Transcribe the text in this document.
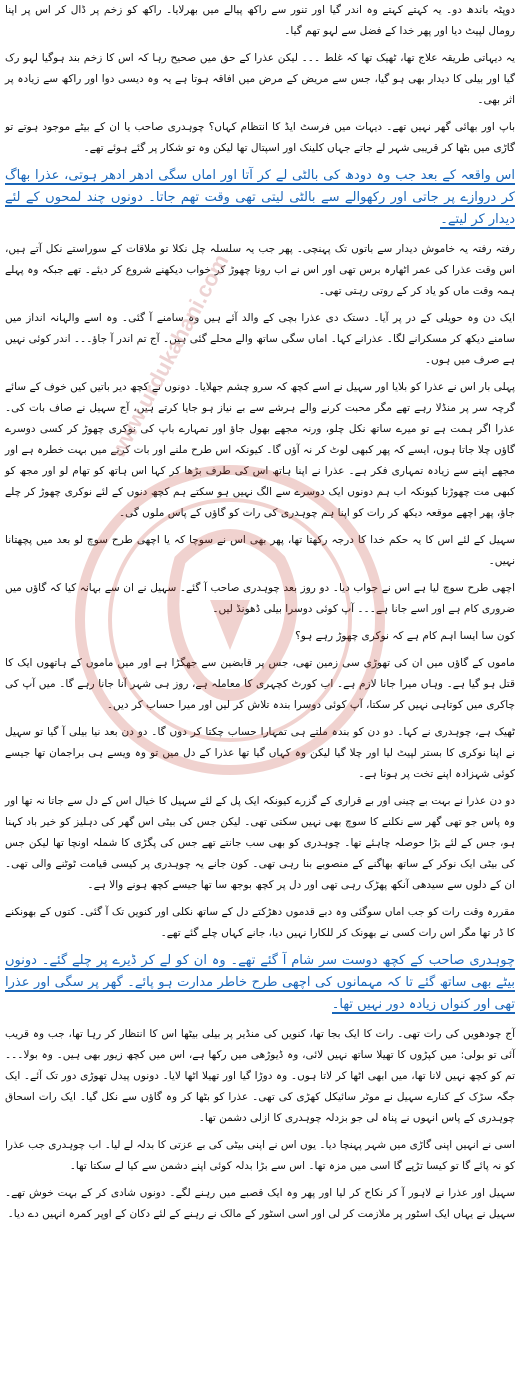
www.urdukahani.com

دوپٹہ باندھ دو۔ یہ کہتے کہتے وہ اندر گیا اور تنور سے راکھ پیالے میں بھرلایا۔ راکھ کو زخم پر ڈال کر اس پر اپنا رومال لپیٹ دیا اور پھر خدا کے فضل سے لہو تھم گیا۔

یہ دیہاتی طریقہ علاج تھا، ٹھیک تھا کہ غلط ۔۔۔ لیکن عذرا کے حق میں صحیح رہا کہ اس کا زخم بند ہوگیا لہو رک گیا اور بیلی کا دیدار بھی ہو گیا، جس سے مریض کے مرض میں افاقہ ہوتا ہے یہ وہ دیسی دوا اور راکھ سے زیادہ پر اثر بھی۔

باپ اور بھائی گھر نہیں تھے۔ دیہات میں فرسٹ ایڈ کا انتظام کہاں؟ چوہدری صاحب یا ان کے بیٹے موجود ہوتے تو گاڑی میں بٹھا کر قریبی شہر لے جاتے جہاں کلینک اور اسپتال تھا لیکن وہ تو شکار پر گئے ہوئے تھے۔

اس واقعہ کے بعد جب وہ دودھ کی بالٹی لے کر آتا اور اماں سگی ادھر ادھر ہوتی، عذرا بھاگ کر دروازے پر جاتی اور رکھوالے سے بالٹی لیتی تھی وقت تھم جاتا۔ دونوں چند لمحوں کے لئے دیدار کر لیتے۔

رفتہ رفتہ یہ خاموش دیدار سے باتوں تک پہنچی۔ پھر جب یہ سلسلہ چل نکلا تو ملاقات کے سوراستے نکل آتے ہیں، اس وقت عذرا کی عمر اٹھارہ برس تھی اور اس نے اب رونا چھوڑ کر خواب دیکھنے شروع کر دیئے۔ تھے جبکہ وہ پہلے ہمہ وقت ماں کو یاد کر کے روتی رہتی تھی۔

ایک دن وہ حویلی کے در پر آیا۔ دستک دی عذرا بچی کے والد آئے ہیں وہ سامنے آ گئی۔ وہ اسے والہانہ انداز میں سامنے دیکھ کر مسکرانے لگا۔ عذرانے کہا۔ اماں سگی ساتھ والے محلے گئی ہیں۔ آج تم اندر آ جاؤ۔۔۔ اندر کوئی نہیں ہے صرف میں ہوں۔

پہلی بار اس نے عذرا کو بلایا اور سہیل نے اسے کچھ کہ سرو چشم جھلایا۔ دونوں نے کچھ دیر باتیں کیں خوف کے سائے گرچہ سر پر منڈلا رہے تھے مگر محبت کرنے والے ہرشے سے بے نیاز ہو جایا کرتے ہیں، آج سہیل نے صاف بات کی۔ عذرا اگر ہمت ہے تو میرے ساتھ نکل چلو، ورنہ مجھے بھول جاؤ اور تمہارے باپ کی نوکری چھوڑ کر کسی دوسرے گاؤں چلا جاتا ہوں، ایسے کہ پھر کبھی لوٹ کر نہ آؤں گا۔ کیونکہ اس طرح ملنے اور بات کرنے میں بہت خطرہ ہے اور مجھے اپنے سے زیادہ تمہاری فکر ہے۔ عذرا نے اپنا ہاتھ اس کی طرف بڑھا کر کہا اس ہاتھ کو تھام لو اور مجھ کو کبھی مت چھوڑنا کیونکہ اب ہم دونوں ایک دوسرے سے الگ نہیں ہو سکتے ہم کچھ دنوں کے لئے نوکری چھوڑ کر چلے جاؤ، پھر اچھے موقعہ دیکھ کر رات کو اپنا ہم چوہدری کی رات کو گاؤں کے پاس ملوں گی۔

سہیل کے لئے اس کا یہ حکم خدا کا درجہ رکھتا تھا، پھر بھی اس نے سوچا کہ یا اچھی طرح سوچ لو بعد میں پچھتانا نہیں۔

اچھی طرح سوچ لیا ہے اس نے جواب دیا۔ دو روز بعد چوہدری صاحب آ گئے۔ سہیل نے ان سے بہانہ کیا کہ گاؤں میں ضروری کام ہے اور اسے جانا ہے۔۔۔ آپ کوئی دوسرا بیلی ڈھونڈ لیں۔

کون سا ایسا اہم کام ہے کہ نوکری چھوڑ رہے ہو؟

ماموں کے گاؤں میں ان کی تھوڑی سی زمین تھی، جس پر قابضین سے جھگڑا ہے اور میں ماموں کے ہاتھوں ایک کا قتل ہو گیا ہے۔ وہاں میرا جانا لازم ہے۔ اب کورٹ کچہری کا معاملہ ہے، روز ہی شہر آنا جانا رہے گا۔ میں آپ کی چاکری میں کوتاہی نہیں کر سکتا، آپ کوئی دوسرا بندہ تلاش کر لیں اور میرا حساب کر دیں۔

ٹھیک ہے، چوہدری نے کہا۔ دو دن کو بندہ ملتے ہی تمہارا حساب چکتا کر دوں گا۔ دو دن بعد نیا بیلی آ گیا تو سہیل نے اپنا نوکری کا بستر لپیٹ لیا اور چلا گیا لیکن وہ کہاں گیا تھا عذرا کے دل میں تو وہ ویسے ہی براجمان تھا جیسے کوئی شہزادہ اپنے تخت پر ہوتا ہے۔

دو دن عذرا نے بہت بے چینی اور بے قراری کے گزرے کیونکہ ایک پل کے لئے سہیل کا خیال اس کے دل سے جاتا نہ تھا اور وہ پاس جو تھی گھر سے نکلنے کا سوچ بھی نہیں سکتی تھی۔ لیکن جس کی بیٹی اس گھر کی دہلیز کو خیر باد کہنا ہو، جس کے لئے بڑا حوصلہ چاہئے تھا۔ چوہدری کو بھی سب جانتے تھے جس کی پگڑی کا شملہ اونچا تھا لیکن جس کی بیٹی ایک نوکر کے ساتھ بھاگنے کے منصوبے بنا رہی تھی۔ کون جانے یہ چوہدری پر کیسی قیامت ٹوٹنے والی تھی۔ ان کے دلوں سے سیدھی آنکھ پھڑک رہی تھی اور دل پر کچھ بوجھ سا تھا جیسے کچھ ہونے والا ہے۔

مقررہ وقت رات کو جب اماں سوگئی وہ دبے قدموں دھڑکتے دل کے ساتھ نکلی اور کنویں تک آ گئی۔ کتوں کے بھونکنے کا ڈر تھا مگر اس رات کسی نے بھونک کر للکارا نہیں دیا، جانے کہاں چلے گئے تھے۔

چوہدری صاحب کے کچھ دوست سر شام آ گئے تھے۔ وہ ان کو لے کر ڈیرے پر چلے گئے۔ دونوں بیٹے بھی ساتھ گئے تا کہ مہمانوں کی اچھی طرح خاطر مدارت ہو پائے۔ گھر پر سگی اور عذرا تھی اور کنواں زیادہ دور نہیں تھا۔

آج چودھویں کی رات تھی۔ رات کا ایک بجا تھا، کنویں کی منڈیر پر بیلی بیٹھا اس کا انتظار کر رہا تھا، جب وہ قریب آئی تو بولی: میں کپڑوں کا تھیلا ساتھ نہیں لائی، وہ ڈیوڑھی میں رکھا ہے، اس میں کچھ زیور بھی ہیں۔ وہ بولا۔۔۔ تم کو کچھ نہیں لانا تھا، میں ابھی اٹھا کر لاتا ہوں۔ وہ دوڑا گیا اور تھیلا اٹھا لایا۔ دونوں پیدل تھوڑی دور تک آئے۔ ایک جگہ سڑک کے کنارے سہیل نے موٹر سائیکل کھڑی کی تھی۔ عذرا کو بٹھا کر وہ گاؤں سے نکل گیا۔ ایک رات اسحاق چوہدری کے پاس انہوں نے پناہ لی جو بزدلہ چوہدری کا ازلی دشمن تھا۔

اسی نے انہیں اپنی گاڑی میں شہر پہنچا دیا۔ یوں اس نے اپنی بیٹی کی بے عزتی کا بدلہ لے لیا۔ اب چوہدری جب عذرا کو نہ پائے گا تو کیسا تڑپے گا اسی میں مزہ تھا۔ اس سے بڑا بدلہ کوئی اپنے دشمن سے کیا لے سکتا تھا۔

سہیل اور عذرا نے لاہور آ کر نکاح کر لیا اور پھر وہ ایک قصبے میں رہنے لگے۔ دونوں شادی کر کے بہت خوش تھے۔ سہیل نے یہاں ایک اسٹور پر ملازمت کر لی اور اسی اسٹور کے مالک نے رہنے کے لئے دکان کے اوپر کمرہ انہیں دے دیا۔
